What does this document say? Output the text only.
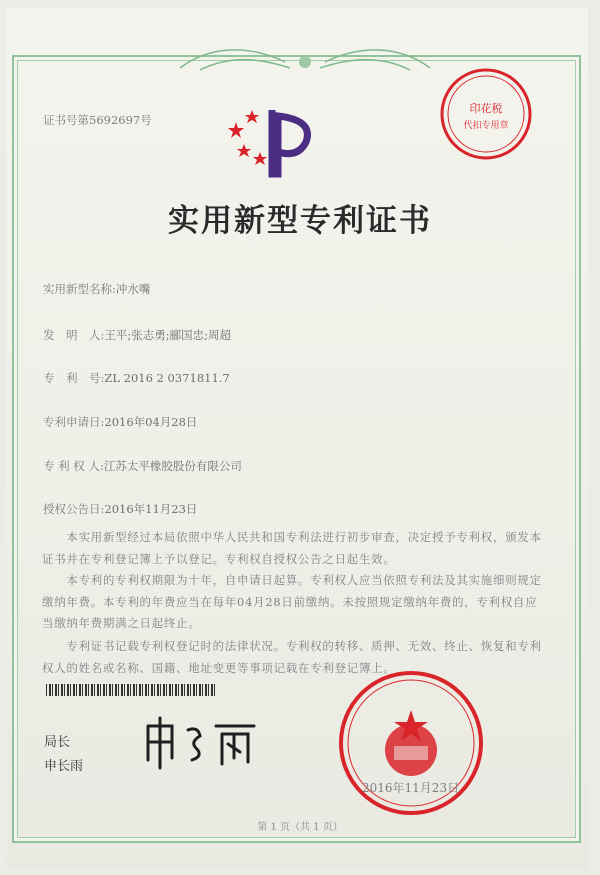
证书号第5692697号
印花税
代扣专用章
实用新型专利证书
实用新型名称:冲水嘴
发　明　人:王平;张志勇;郦国忠;周超
专　利　号:ZL 2016 2 0371811.7
专利申请日:2016年04月28日
专 利 权 人:江苏太平橡胶股份有限公司
授权公告日:2016年11月23日
　　本实用新型经过本局依照中华人民共和国专利法进行初步审查，决定授予专利权，颁发本证书并在专利登记簿上予以登记。专利权自授权公告之日起生效。
　　本专利的专利权期限为十年，自申请日起算。专利权人应当依照专利法及其实施细则规定缴纳年费。本专利的年费应当在每年04月28日前缴纳。未按照规定缴纳年费的，专利权自应当缴纳年费期满之日起终止。
　　专利证书记载专利权登记时的法律状况。专利权的转移、质押、无效、终止、恢复和专利权人的姓名或名称、国籍、地址变更等事项记载在专利登记簿上。
局长
申长雨
2016年11月23日
第 1 页（共 1 页）
